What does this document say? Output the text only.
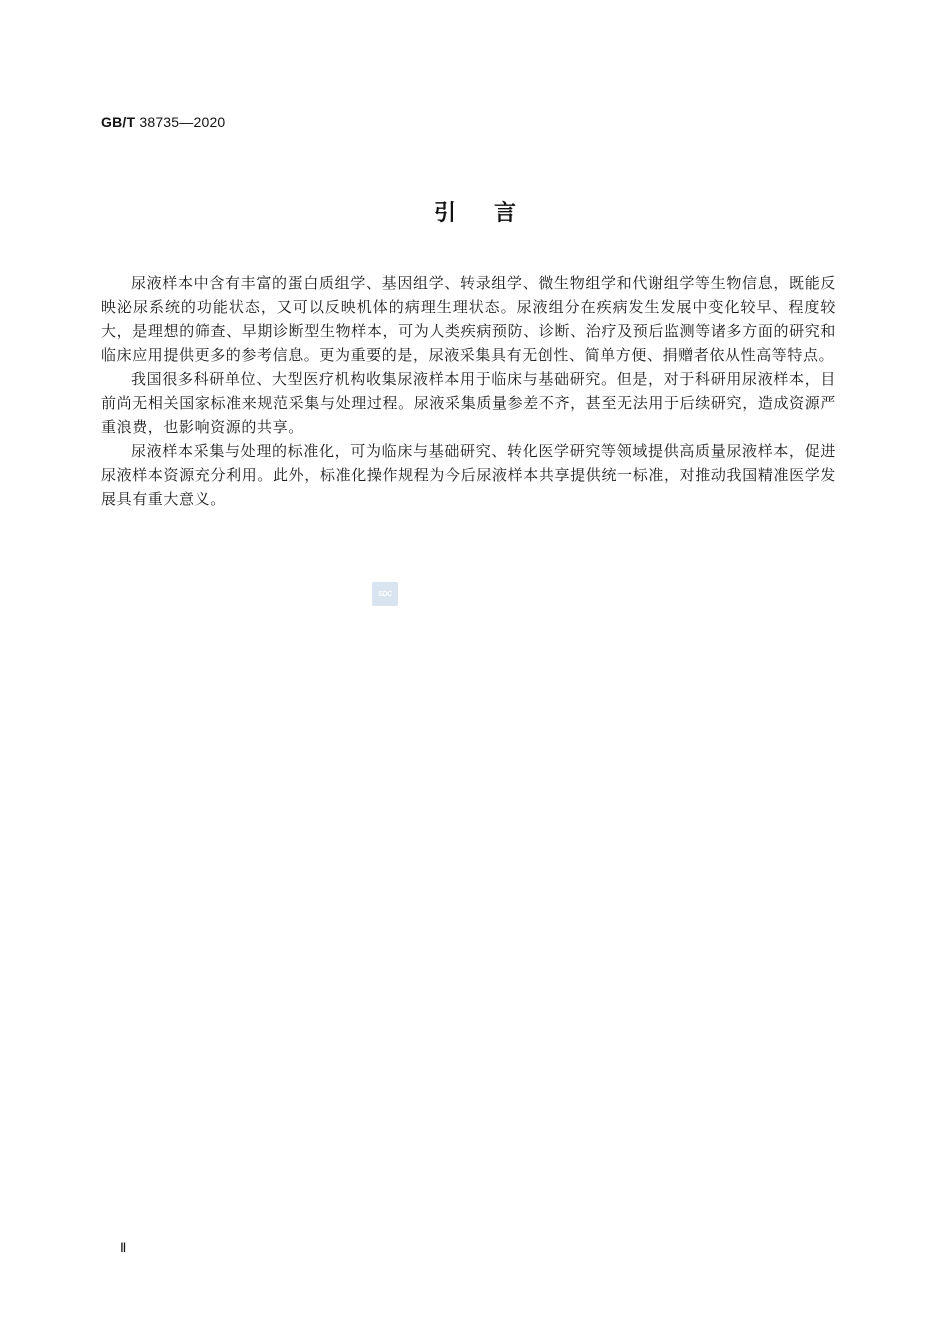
GB/T 38735—2020
引言

尿液样本中含有丰富的蛋白质组学、基因组学、转录组学、微生物组学和代谢组学等生物信息，既能反映泌尿系统的功能状态，又可以反映机体的病理生理状态。尿液组分在疾病发生发展中变化较早、程度较大，是理想的筛查、早期诊断型生物样本，可为人类疾病预防、诊断、治疗及预后监测等诸多方面的研究和临床应用提供更多的参考信息。更为重要的是，尿液采集具有无创性、简单方便、捐赠者依从性高等特点。

我国很多科研单位、大型医疗机构收集尿液样本用于临床与基础研究。但是，对于科研用尿液样本，目前尚无相关国家标准来规范采集与处理过程。尿液采集质量参差不齐，甚至无法用于后续研究，造成资源严重浪费，也影响资源的共享。

尿液样本采集与处理的标准化，可为临床与基础研究、转化医学研究等领域提供高质量尿液样本，促进尿液样本资源充分利用。此外，标准化操作规程为今后尿液样本共享提供统一标准，对推动我国精准医学发展具有重大意义。

SDC
Ⅱ
